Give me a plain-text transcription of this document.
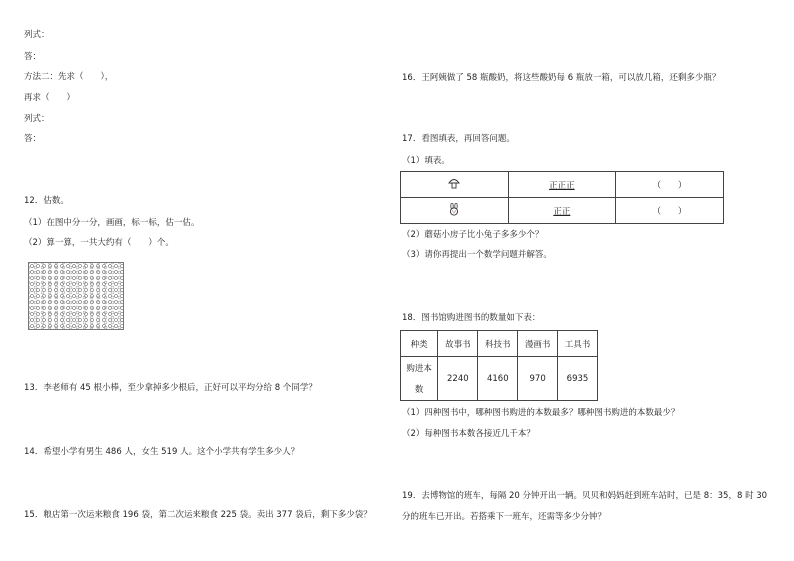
列式：
答：
方法二：先求（　　），
再求（　　）
列式：
答：
12．估数。
（1）在图中分一分，画画，标一标，估一估。
（2）算一算，一共大约有（　　）个。
13．李老师有 45 根小棒，至少拿掉多少根后，正好可以平均分给 8 个同学？
14．希望小学有男生 486 人，女生 519 人。这个小学共有学生多少人？
15．粮店第一次运来粮食 196 袋，第二次运来粮食 225 袋。卖出 377 袋后，剩下多少袋？
16．王阿姨做了 58 瓶酸奶，将这些酸奶每 6 瓶放一箱，可以放几箱，还剩多少瓶？
17．看图填表，再回答问题。
（1）填表。
	正正正	（　　）
	正正	（　　）
（2）蘑菇小房子比小兔子多多少个？
（3）请你再提出一个数学问题并解答。
18．图书馆购进图书的数量如下表：
种类	故事书	科技书	漫画书	工具书

购进本
数	2240	4160	970	6935
（1）四种图书中，哪种图书购进的本数最多？哪种图书购进的本数最少？
（2）每种图书本数各接近几千本？
19．去博物馆的班车，每隔 20 分钟开出一辆。贝贝和妈妈赶到班车站时，已是 8：35，8 时 30
分的班车已开出。若搭乘下一班车，还需等多少分钟？
